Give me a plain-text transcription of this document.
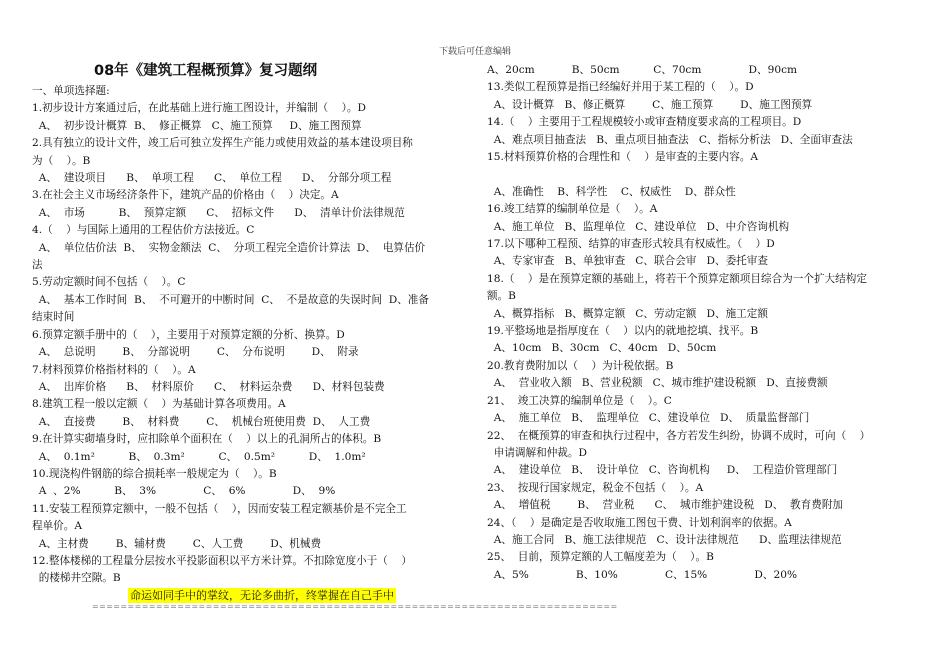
下载后可任意编辑
08年《建筑工程概预算》复习题纲
一、单项选择题:
1.初步设计方案通过后，在此基础上进行施工图设计，并编制（    ）。D
A、  初步设计概算  B、  修正概算   C、施工预算     D、施工图预算
2.具有独立的设计文件，竣工后可独立发挥生产能力或使用效益的基本建设项目称
为（    ）。B
A、  建设项目      B、  单项工程      C、  单位工程      D、  分部分项工程
3.在社会主义市场经济条件下，建筑产品的价格由（    ）决定。A
A、  市场          B、  预算定额      C、  招标文件      D、  清单计价法律规范
4.（    ）与国际上通用的工程估价方法接近。C
A、  单位估价法  B、  实物金额法  C、  分项工程完全造价计算法  D、  电算估价
法
5.劳动定额时间不包括（    ）。C
A、  基本工作时间  B、  不可避开的中断时间  C、  不是故意的失误时间  D、准备
结束时间
6.预算定额手册中的（    ），主要用于对预算定额的分析、换算。D
A、  总说明        B、  分部说明        C、  分布说明        D、  附录
7.材料预算价格指材料的（    ）。A
A、  出库价格      B、  材料原价      C、  材料运杂费      D、材料包装费
8.建筑工程一般以定额（    ）为基础计算各项费用。A
A、  直接费        B、  材料费        C、  机械台班使用费  D、  人工费
9.在计算实砌墙身时，应扣除单个面积在（    ）以上的孔洞所占的体积。B
A、  0.1m²          B、  0.3m²          C、  0.5m²          D、  1.0m²
10.现浇构件钢筋的综合损耗率一般规定为（    ）。B
A  、2%          B、  3%              C、  6%              D、  9%
11.安装工程预算定额中，一般不包括（    ），因而安装工程定额基价是不完全工
程单价。A
A、主材费        B、辅材费        C、人工费        D、机械费
12.整体楼梯的工程量分层按水平投影面积以平方米计算。不扣除宽度小于（    ）
的楼梯井空隙。B
A、20cm           B、50cm          C、70cm              D、90cm
13.类似工程预算是指已经编好并用于某工程的（    ）。D
A、设计概算   B、修正概算        C、施工预算        D、施工图预算
14.（    ）主要用于工程规模较小或审查精度要求高的工程项目。D
A、难点项目抽查法   B、重点项目抽查法   C、指标分析法   D、全面审查法
15.材料预算价格的合理性和（    ）是审查的主要内容。A
A、准确性    B、科学性    C、权威性    D、群众性
16.竣工结算的编制单位是（    ）。A
A、施工单位   B、监理单位   C、建设单位   D、中介咨询机构
17.以下哪种工程预、结算的审查形式较具有权威性。（    ）D
A、专家审查   B、单独审查   C、联合会审   D、委托审查
18.（    ）是在预算定额的基础上，将若干个预算定额项目综合为一个扩大结构定
额。B
A、概算指标   B、概算定额   C、劳动定额   D、施工定额
19.平整场地是指厚度在（    ）以内的就地挖填、找平。B
A、10cm   B、30cm   C、40cm   D、50cm
20.教育费附加以（    ）为计税依据。B
A、  营业收入额   B、营业税额   C、城市维护建设税额   D、直接费额
21、  竣工决算的编制单位是（    ）。C
A、  施工单位   B、  监理单位   C、建设单位   D、  质量监督部门
22、  在概预算的审查和执行过程中，各方若发生纠纷，协调不成时，可向（    ）
申请调解和仲裁。D
A、  建设单位   B、  设计单位   C、咨询机构     D、  工程造价管理部门
23、  按现行国家规定，税金不包括（    ）。A
A、  增值税        B、  营业税      C、  城市维护建设税   D、  教育费附加
24、（    ）是确定是否收取施工图包干费、计划利润率的依据。A
A、施工合同   B、施工法律规范   C、设计法律规范      D、监理法律规范
25、  目前，预算定额的人工幅度差为（    ）。B
A、5%              B、10%              C、15%              D、20%
命运如同手中的掌纹，无论多曲折，终掌握在自己手中
==========================================================================
